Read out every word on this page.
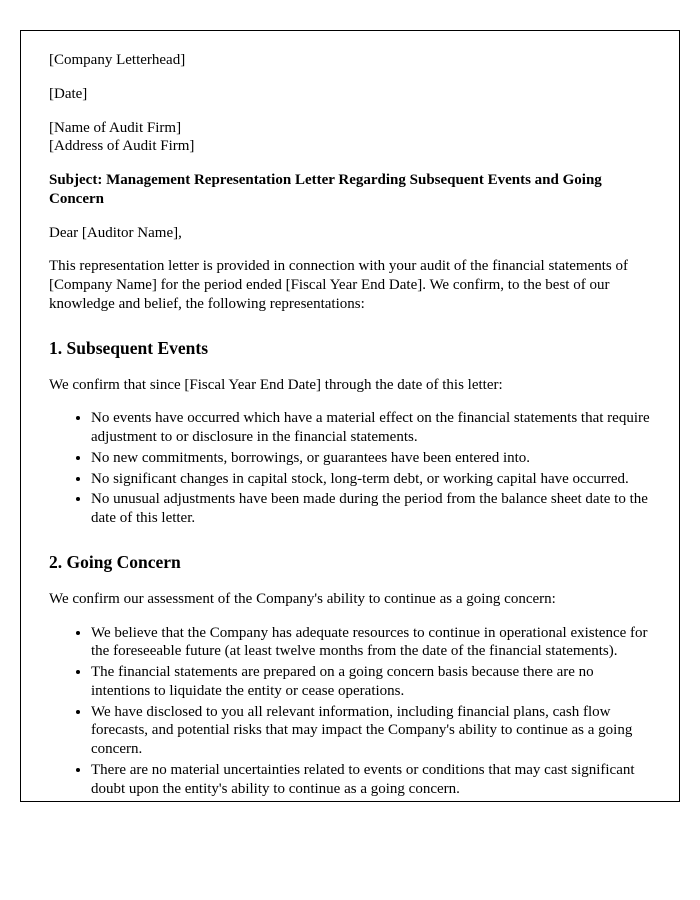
[Company Letterhead]

[Date]

[Name of Audit Firm]
[Address of Audit Firm]

Subject: Management Representation Letter Regarding Subsequent Events and Going Concern

Dear [Auditor Name],

This representation letter is provided in connection with your audit of the financial statements of [Company Name] for the period ended [Fiscal Year End Date]. We confirm, to the best of our knowledge and belief, the following representations:

1. Subsequent Events

We confirm that since [Fiscal Year End Date] through the date of this letter:

• No events have occurred which have a material effect on the financial statements that require adjustment to or disclosure in the financial statements.
• No new commitments, borrowings, or guarantees have been entered into.
• No significant changes in capital stock, long-term debt, or working capital have occurred.
• No unusual adjustments have been made during the period from the balance sheet date to the date of this letter.
2. Going Concern

We confirm our assessment of the Company's ability to continue as a going concern:

• We believe that the Company has adequate resources to continue in operational existence for the foreseeable future (at least twelve months from the date of the financial statements).
• The financial statements are prepared on a going concern basis because there are no intentions to liquidate the entity or cease operations.
• We have disclosed to you all relevant information, including financial plans, cash flow forecasts, and potential risks that may impact the Company's ability to continue as a going concern.
• There are no material uncertainties related to events or conditions that may cast significant doubt upon the entity's ability to continue as a going concern.
